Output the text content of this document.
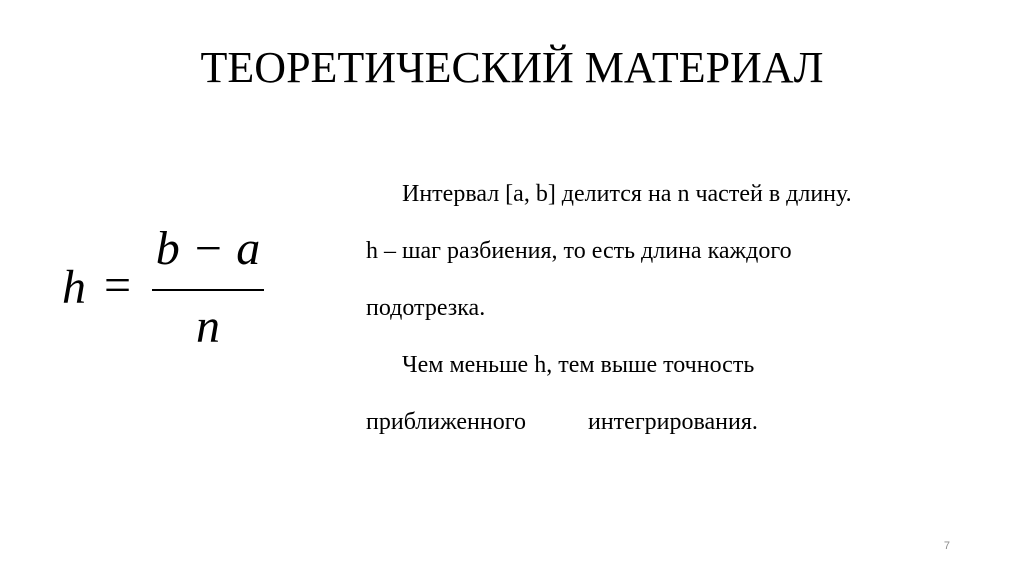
ТЕОРЕТИЧЕСКИЙ МАТЕРИАЛ
h =
b − a
n
Интервал [a, b] делится на n частей в длину.
h – шаг разбиения, то есть длина каждого
подотрезка.
Чем меньше h, тем выше точность
приближенного	интегрирования.
7
